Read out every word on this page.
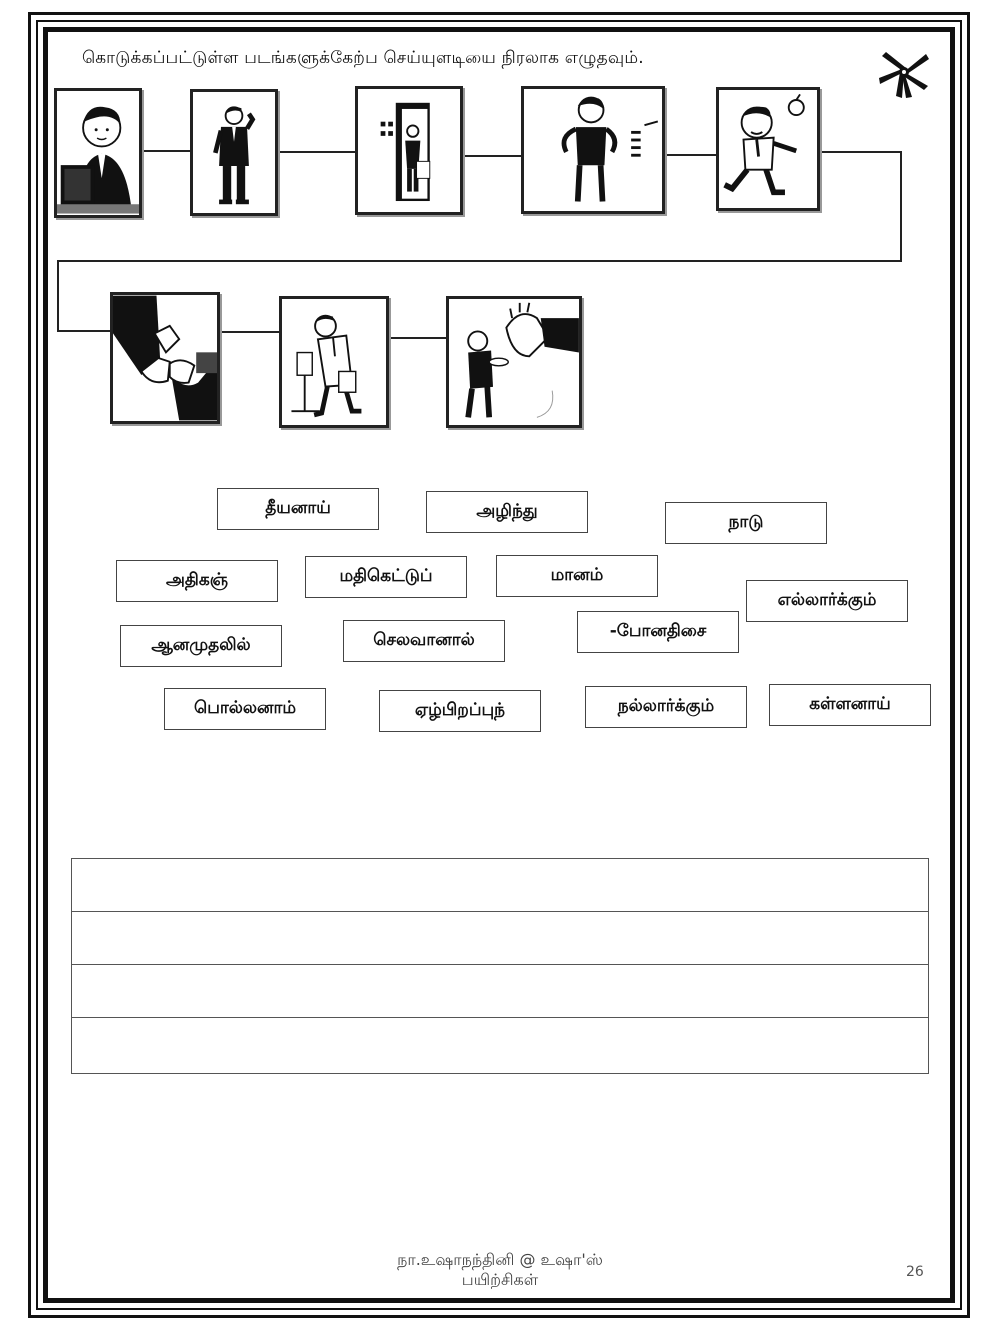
கொடுக்கப்பட்டுள்ள படங்களுக்கேற்ப செய்யுளடியை நிரலாக எழுதவும்.
தீயனாய்	அழிந்து
நாடு
அதிகஞ்	மதிகெட்டுப்	மானம்
எல்லார்க்கும்
ஆனமுதலில்	செலவானால்	-போனதிசை
பொல்லனாம்	ஏழ்பிறப்புந்	நல்லார்க்கும்	கள்ளனாய்
நா.உஷாநந்தினி @ உஷா'ஸ்
பயிற்சிகள்	26
